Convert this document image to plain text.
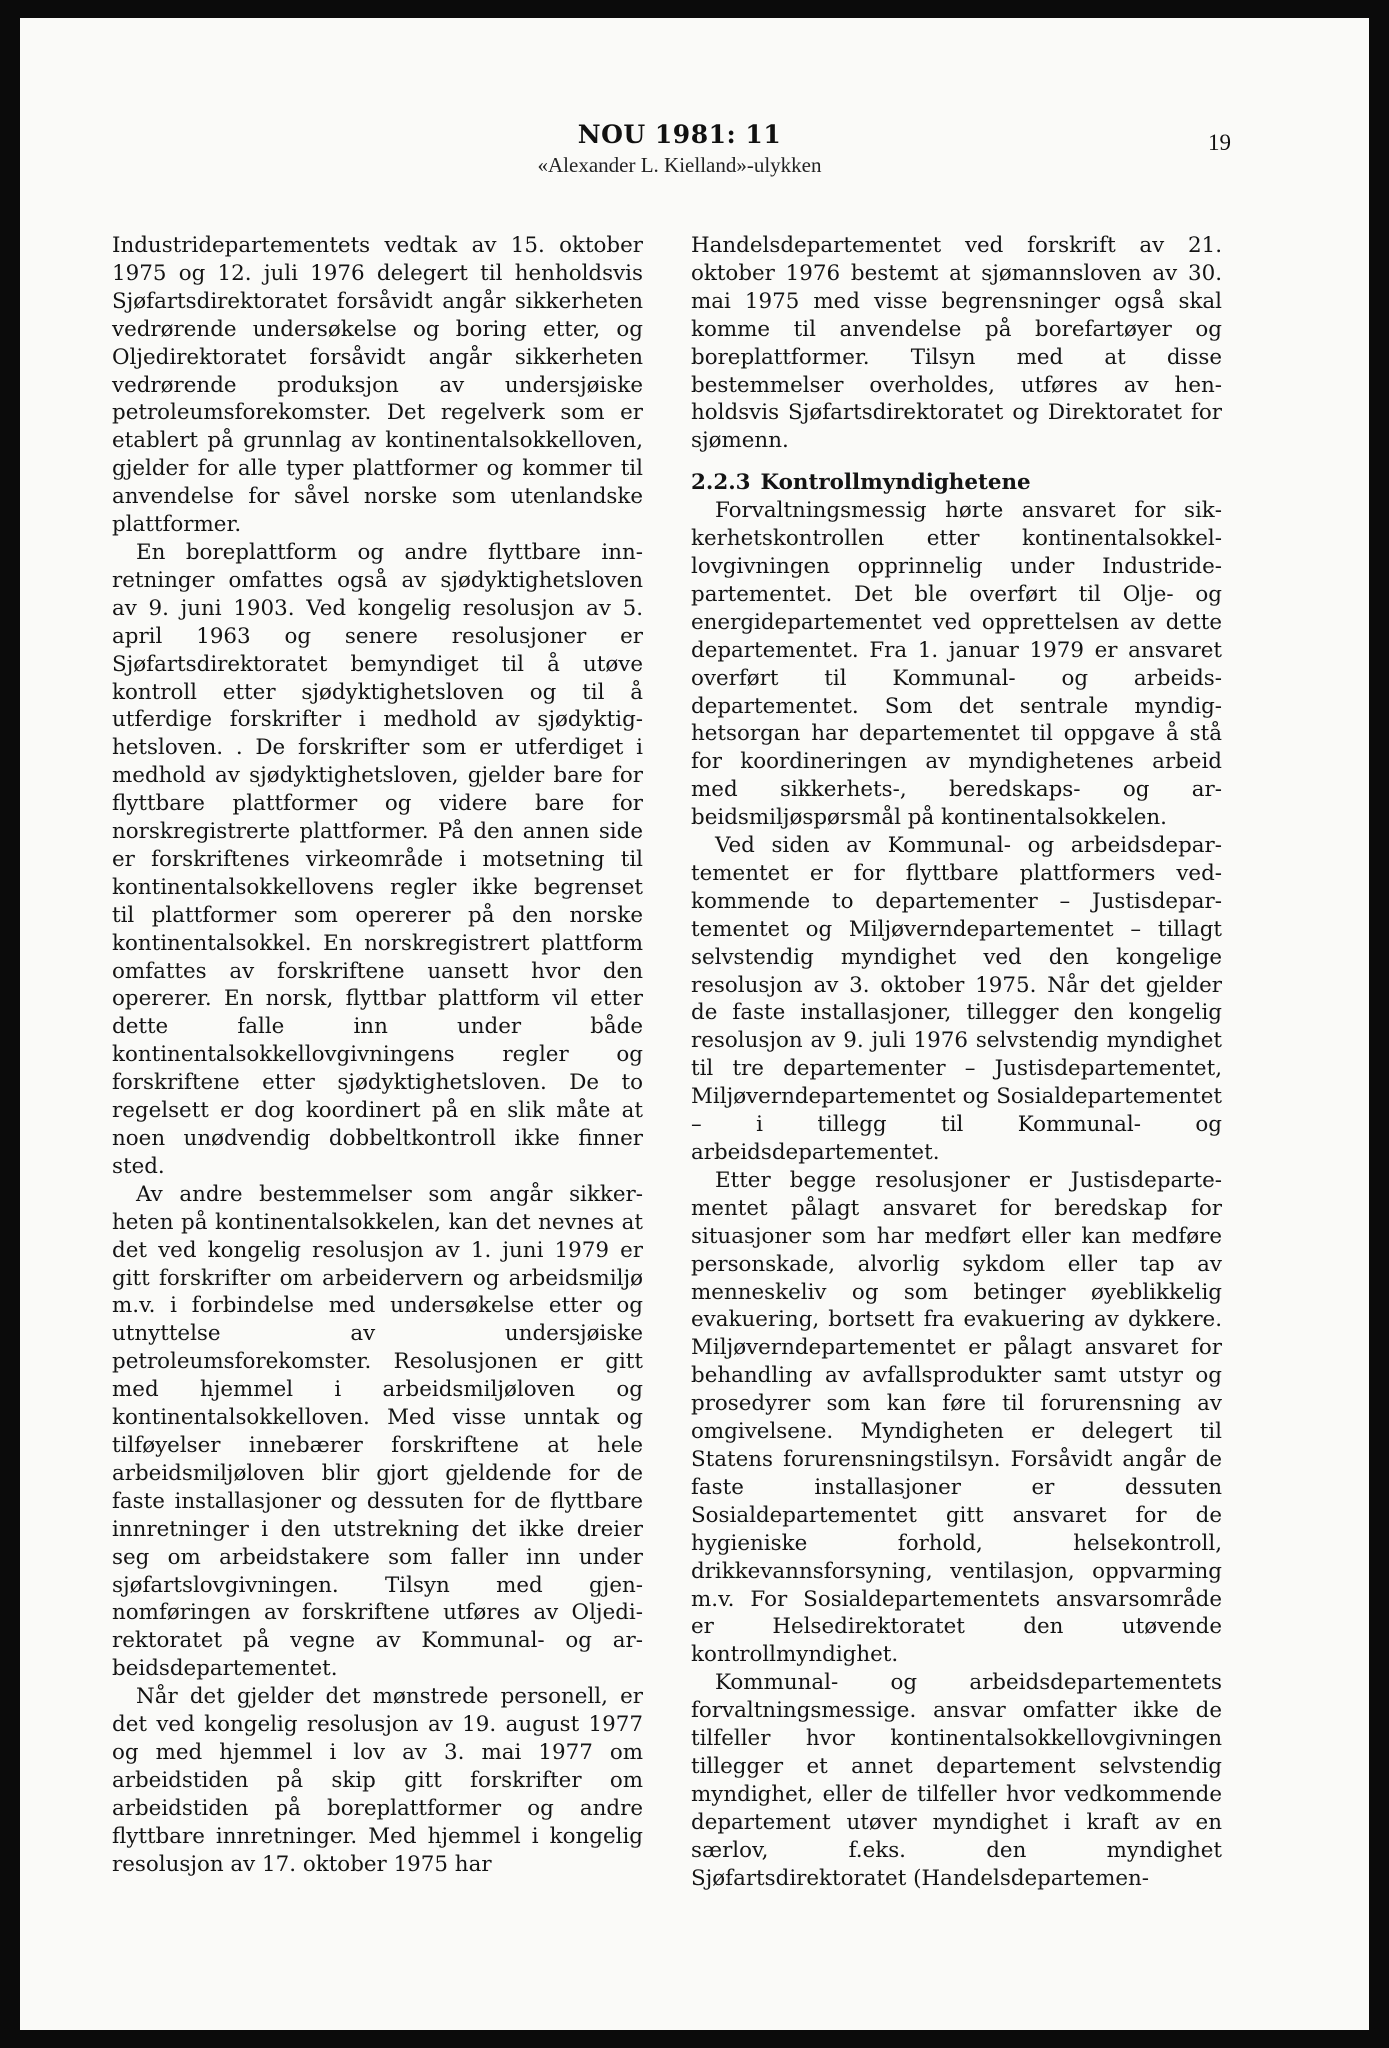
NOU 1981: 11
«Alexander L. Kielland»-ulykken
19

Industridepartementets vedtak av 15. oktober 1975 og 12. juli 1976 delegert til henholdsvis Sjøfartsdirektoratet forsåvidt angår sikkerheten vedrørende undersøkelse og boring etter, og Oljedirektoratet forsåvidt angår sikkerheten vedrørende produksjon av undersjøiske petroleumsforekomster. Det regelverk som er etablert på grunnlag av kontinentalsokkelloven, gjelder for alle typer plattformer og kommer til anvendelse for såvel norske som utenlandske plattformer.

En boreplattform og andre flyttbare innretninger omfattes også av sjødyktighetsloven av 9. juni 1903. Ved kongelig resolusjon av 5. april 1963 og senere resolusjoner er Sjøfartsdirektoratet bemyndiget til å utøve kontroll etter sjødyktighetsloven og til å utferdige forskrifter i medhold av sjødyktighetsloven. . De forskrifter som er utferdiget i medhold av sjødyktighetsloven, gjelder bare for flyttbare plattformer og videre bare for norskregistrerte plattformer. På den annen side er forskriftenes virkeområde i motsetning til kontinentalsokkellovens regler ikke begrenset til plattformer som opererer på den norske kontinentalsokkel. En norskregistrert plattform omfattes av forskriftene uansett hvor den opererer. En norsk, flyttbar plattform vil etter dette falle inn under både kontinentalsokkellovgivningens regler og forskriftene etter sjødyktighetsloven. De to regelsett er dog koordinert på en slik måte at noen unødvendig dobbeltkontroll ikke finner sted.

Av andre bestemmelser som angår sikkerheten på kontinentalsokkelen, kan det nevnes at det ved kongelig resolusjon av 1. juni 1979 er gitt forskrifter om arbeidervern og arbeidsmiljø m.v. i forbindelse med undersøkelse etter og utnyttelse av undersjøiske petroleumsforekomster. Resolusjonen er gitt med hjemmel i arbeidsmiljøloven og kontinentalsokkelloven. Med visse unntak og tilføyelser innebærer forskriftene at hele arbeidsmiljøloven blir gjort gjeldende for de faste installasjoner og dessuten for de flyttbare innretninger i den utstrekning det ikke dreier seg om arbeidstakere som faller inn under sjøfartslovgivningen. Tilsyn med gjennomføringen av forskriftene utføres av Oljedirektoratet på vegne av Kommunal- og arbeidsdepartementet.

Når det gjelder det mønstrede personell, er det ved kongelig resolusjon av 19. august 1977 og med hjemmel i lov av 3. mai 1977 om arbeidstiden på skip gitt forskrifter om arbeidstiden på boreplattformer og andre flyttbare innretninger. Med hjemmel i kongelig resolusjon av 17. oktober 1975 har

Handelsdepartementet ved forskrift av 21. oktober 1976 bestemt at sjømannsloven av 30. mai 1975 med visse begrensninger også skal komme til anvendelse på borefartøyer og boreplattformer. Tilsyn med at disse bestemmelser overholdes, utføres av henholdsvis Sjøfartsdirektoratet og Direktoratet for sjømenn.

2.2.3 Kontrollmyndighetene

Forvaltningsmessig hørte ansvaret for sikkerhetskontrollen etter kontinentalsokkellovgivningen opprinnelig under Industridepartementet. Det ble overført til Olje- og energidepartementet ved opprettelsen av dette departementet. Fra 1. januar 1979 er ansvaret overført til Kommunal- og arbeidsdepartementet. Som det sentrale myndighetsorgan har departementet til oppgave å stå for koordineringen av myndighetenes arbeid med sikkerhets-, beredskaps- og arbeidsmiljøspørsmål på kontinentalsokkelen.

Ved siden av Kommunal- og arbeidsdepartementet er for flyttbare plattformers vedkommende to departementer – Justisdepartementet og Miljøverndepartementet – tillagt selvstendig myndighet ved den kongelige resolusjon av 3. oktober 1975. Når det gjelder de faste installasjoner, tillegger den kongelig resolusjon av 9. juli 1976 selvstendig myndighet til tre departementer – Justisdepartementet, Miljøverndepartementet og Sosialdepartementet – i tillegg til Kommunal- og arbeidsdepartementet.

Etter begge resolusjoner er Justisdepartementet pålagt ansvaret for beredskap for situasjoner som har medført eller kan medføre personskade, alvorlig sykdom eller tap av menneskeliv og som betinger øyeblikkelig evakuering, bortsett fra evakuering av dykkere. Miljøverndepartementet er pålagt ansvaret for behandling av avfallsprodukter samt utstyr og prosedyrer som kan føre til forurensning av omgivelsene. Myndigheten er delegert til Statens forurensningstilsyn. Forsåvidt angår de faste installasjoner er dessuten Sosialdepartementet gitt ansvaret for de hygieniske forhold, helsekontroll, drikkevannsforsyning, ventilasjon, oppvarming m.v. For Sosialdepartementets ansvarsområde er Helsedirektoratet den utøvende kontrollmyndighet.

Kommunal- og arbeidsdepartementets forvaltningsmessige. ansvar omfatter ikke de tilfeller hvor kontinentalsokkellovgivningen tillegger et annet departement selvstendig myndighet, eller de tilfeller hvor vedkommende departement utøver myndighet i kraft av en særlov, f.eks. den myndighet Sjøfartsdirektoratet (Handelsdepartemen-
